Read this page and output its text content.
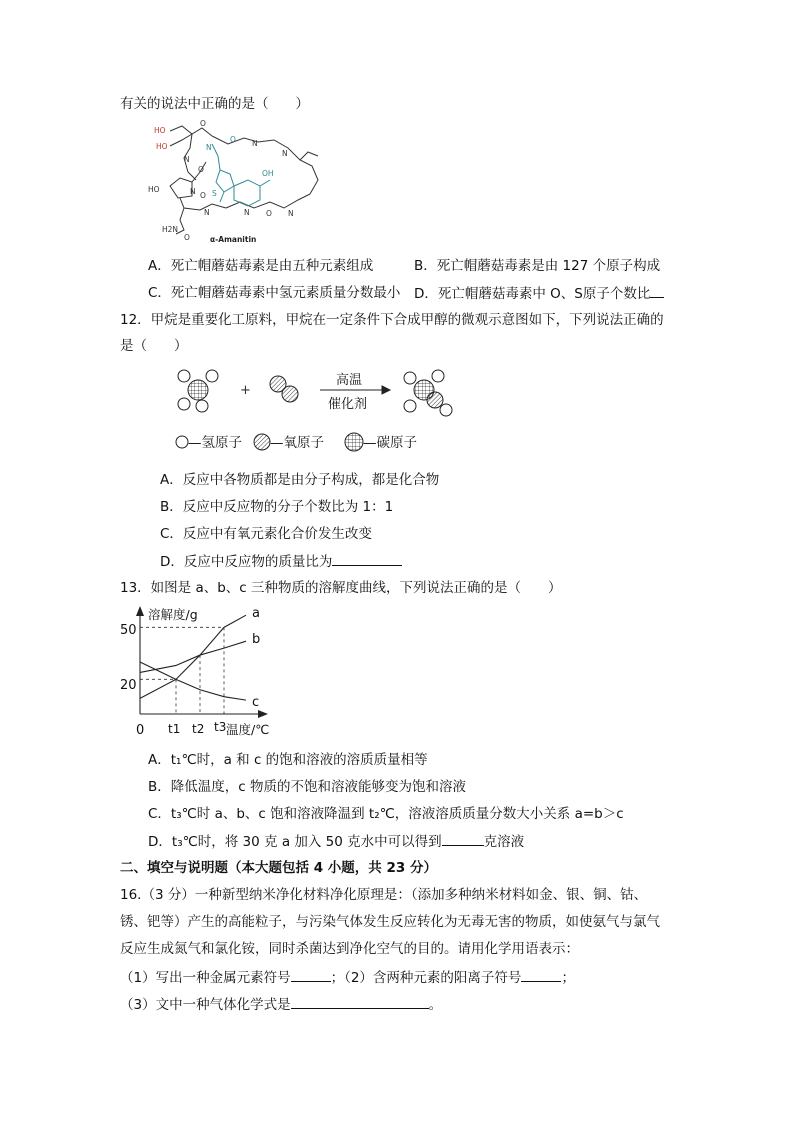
有关的说法中正确的是（　　）
HO
HO
N
O
HO	N
O
N
O
S
O
OH
N
N
N
N
N	O
H2N
O	α-Amanitin
A．死亡帽蘑菇毒素是由五种元素组成	B．死亡帽蘑菇毒素是由 127 个原子构成
C．死亡帽蘑菇毒素中氢元素质量分数最小 D．死亡帽蘑菇毒素中 O、S原子个数比
12．甲烷是重要化工原料，甲烷在一定条件下合成甲醇的微观示意图如下，下列说法正确的
是（　　）
+
高温
催化剂
—氢原子 —氧原子	—碳原子
A．反应中各物质都是由分子构成，都是化合物
B．反应中反应物的分子个数比为 1：1
C．反应中有氧元素化合价发生改变
D．反应中反应物的质量比为
13．如图是 a、b、c 三种物质的溶解度曲线，下列说法正确的是（　　）
a
b
c
溶解度/g
温度/℃
50
20
0 t1 t2 t3
A．t₁℃时，a 和 c 的饱和溶液的溶质质量相等
B．降低温度，c 物质的不饱和溶液能够变为饱和溶液
C．t₃℃时 a、b、c 饱和溶液降温到 t₂℃，溶液溶质质量分数大小关系 a=b＞c
D．t₃℃时，将 30 克 a 加入 50 克水中可以得到	克溶液
二、填空与说明题（本大题包括 4 小题，共 23 分）
16.（3 分）一种新型纳米净化材料净化原理是：（添加多种纳米材料如金、银、铜、钴、
锈、钯等）产生的高能粒子，与污染气体发生反应转化为无毒无害的物质，如使氨气与氯气
反应生成氮气和氯化铵，同时杀菌达到净化空气的目的。请用化学用语表示：
（1）写出一种金属元素符号	；（2）含两种元素的阳离子符号	；
（3）文中一种气体化学式是	。
